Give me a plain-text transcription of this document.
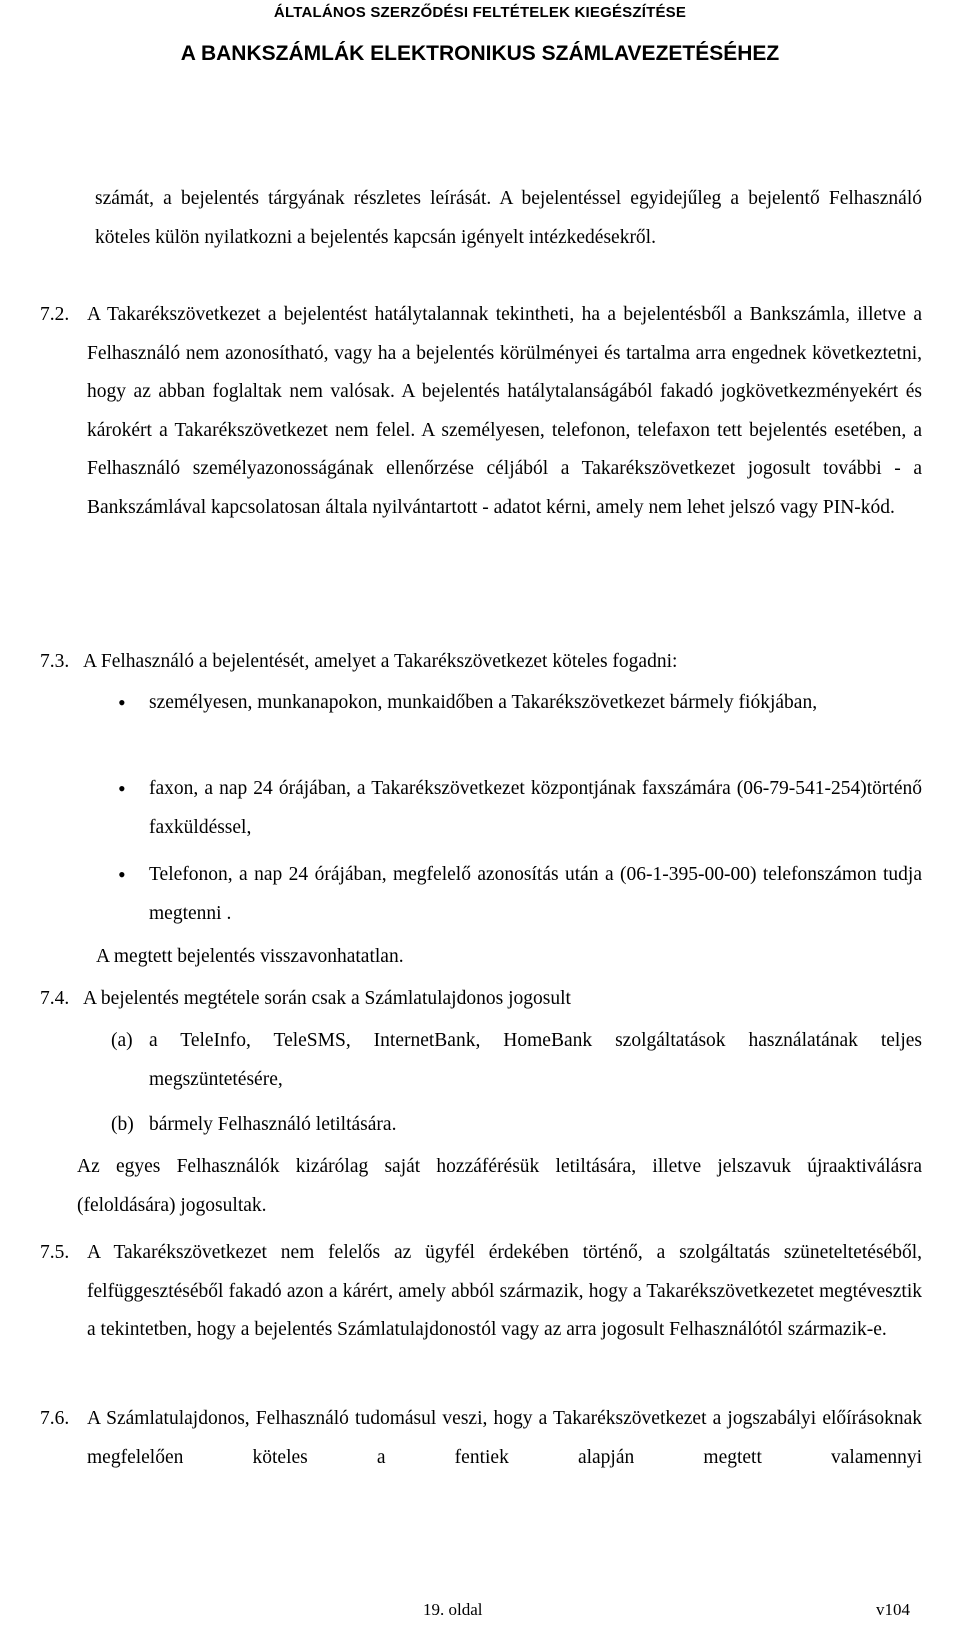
ÁLTALÁNOS SZERZŐDÉSI FELTÉTELEK KIEGÉSZÍTÉSE
A BANKSZÁMLÁK ELEKTRONIKUS SZÁMLAVEZETÉSÉHEZ
számát, a bejelentés tárgyának részletes leírását. A bejelentéssel egyidejűleg a bejelentő Felhasználó köteles külön nyilatkozni a bejelentés kapcsán igényelt intézkedésekről.
7.2. A Takarékszövetkezet a bejelentést hatálytalannak tekintheti, ha a bejelentésből a Bankszámla, illetve a Felhasználó nem azonosítható, vagy ha a bejelentés körülményei és tartalma arra engednek következtetni, hogy az abban foglaltak nem valósak. A bejelentés hatálytalanságából fakadó jogkövetkezményekért és károkért a Takarékszövetkezet nem felel. A személyesen, telefonon, telefaxon tett bejelentés esetében, a Felhasználó személyazonosságának ellenőrzése céljából a Takarékszövetkezet jogosult további - a Bankszámlával kapcsolatosan általa nyilvántartott - adatot kérni, amely nem lehet jelszó vagy PIN-kód.
7.3. A Felhasználó a bejelentését, amelyet a Takarékszövetkezet köteles fogadni:
• személyesen, munkanapokon, munkaidőben a Takarékszövetkezet bármely fiókjában,
• faxon, a nap 24 órájában, a Takarékszövetkezet központjának faxszámára (06-79-541-254)történő faxküldéssel,
• Telefonon, a nap 24 órájában, megfelelő azonosítás után a (06-1-395-00-00) telefonszámon tudja megtenni .
A megtett bejelentés visszavonhatatlan.
7.4. A bejelentés megtétele során csak a Számlatulajdonos jogosult
(a) a TeleInfo, TeleSMS, InternetBank, HomeBank szolgáltatások használatának teljes megszüntetésére,
(b) bármely Felhasználó letiltására.
Az egyes Felhasználók kizárólag saját hozzáférésük letiltására, illetve jelszavuk újraaktiválásra (feloldására) jogosultak.
7.5. A Takarékszövetkezet nem felelős az ügyfél érdekében történő, a szolgáltatás szüneteltetéséből, felfüggesztéséből fakadó azon a kárért, amely abból származik, hogy a Takarékszövetkezetet megtévesztik a tekintetben, hogy a bejelentés Számlatulajdonostól vagy az arra jogosult Felhasználótól származik-e.
7.6. A Számlatulajdonos, Felhasználó tudomásul veszi, hogy a Takarékszövetkezet a jogszabályi előírásoknak megfelelően köteles a fentiek alapján megtett valamennyi
19. oldal	v104
